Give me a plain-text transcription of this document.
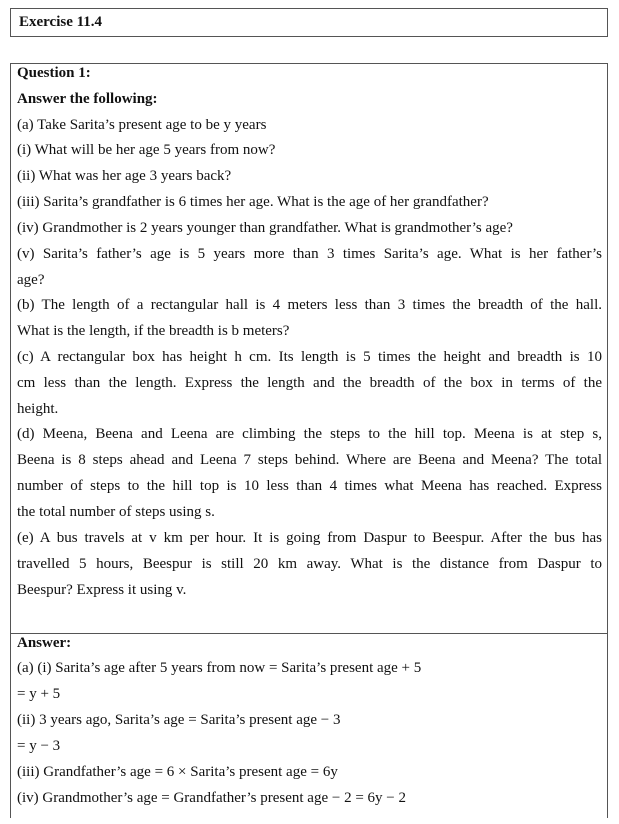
Exercise 11.4
Question 1:
Answer the following:
(a) Take Sarita’s present age to be y years
(i) What will be her age 5 years from now?
(ii) What was her age 3 years back?
(iii) Sarita’s grandfather is 6 times her age. What is the age of her grandfather?
(iv) Grandmother is 2 years younger than grandfather. What is grandmother’s age?
(v) Sarita’s father’s age is 5 years more than 3 times Sarita’s age. What is her father’s
age?
(b) The length of a rectangular hall is 4 meters less than 3 times the breadth of the hall.
What is the length, if the breadth is b meters?
(c) A rectangular box has height h cm. Its length is 5 times the height and breadth is 10
cm less than the length. Express the length and the breadth of the box in terms of the
height.
(d) Meena, Beena and Leena are climbing the steps to the hill top. Meena is at step s,
Beena is 8 steps ahead and Leena 7 steps behind. Where are Beena and Meena? The total
number of steps to the hill top is 10 less than 4 times what Meena has reached. Express
the total number of steps using s.
(e) A bus travels at v km per hour. It is going from Daspur to Beespur. After the bus has
travelled 5 hours, Beespur is still 20 km away. What is the distance from Daspur to
Beespur? Express it using v.
Answer:
(a) (i) Sarita’s age after 5 years from now = Sarita’s present age + 5
= y + 5
(ii) 3 years ago, Sarita’s age = Sarita’s present age − 3
= y − 3
(iii) Grandfather’s age = 6 × Sarita’s present age = 6y
(iv) Grandmother’s age = Grandfather’s present age − 2 = 6y − 2
